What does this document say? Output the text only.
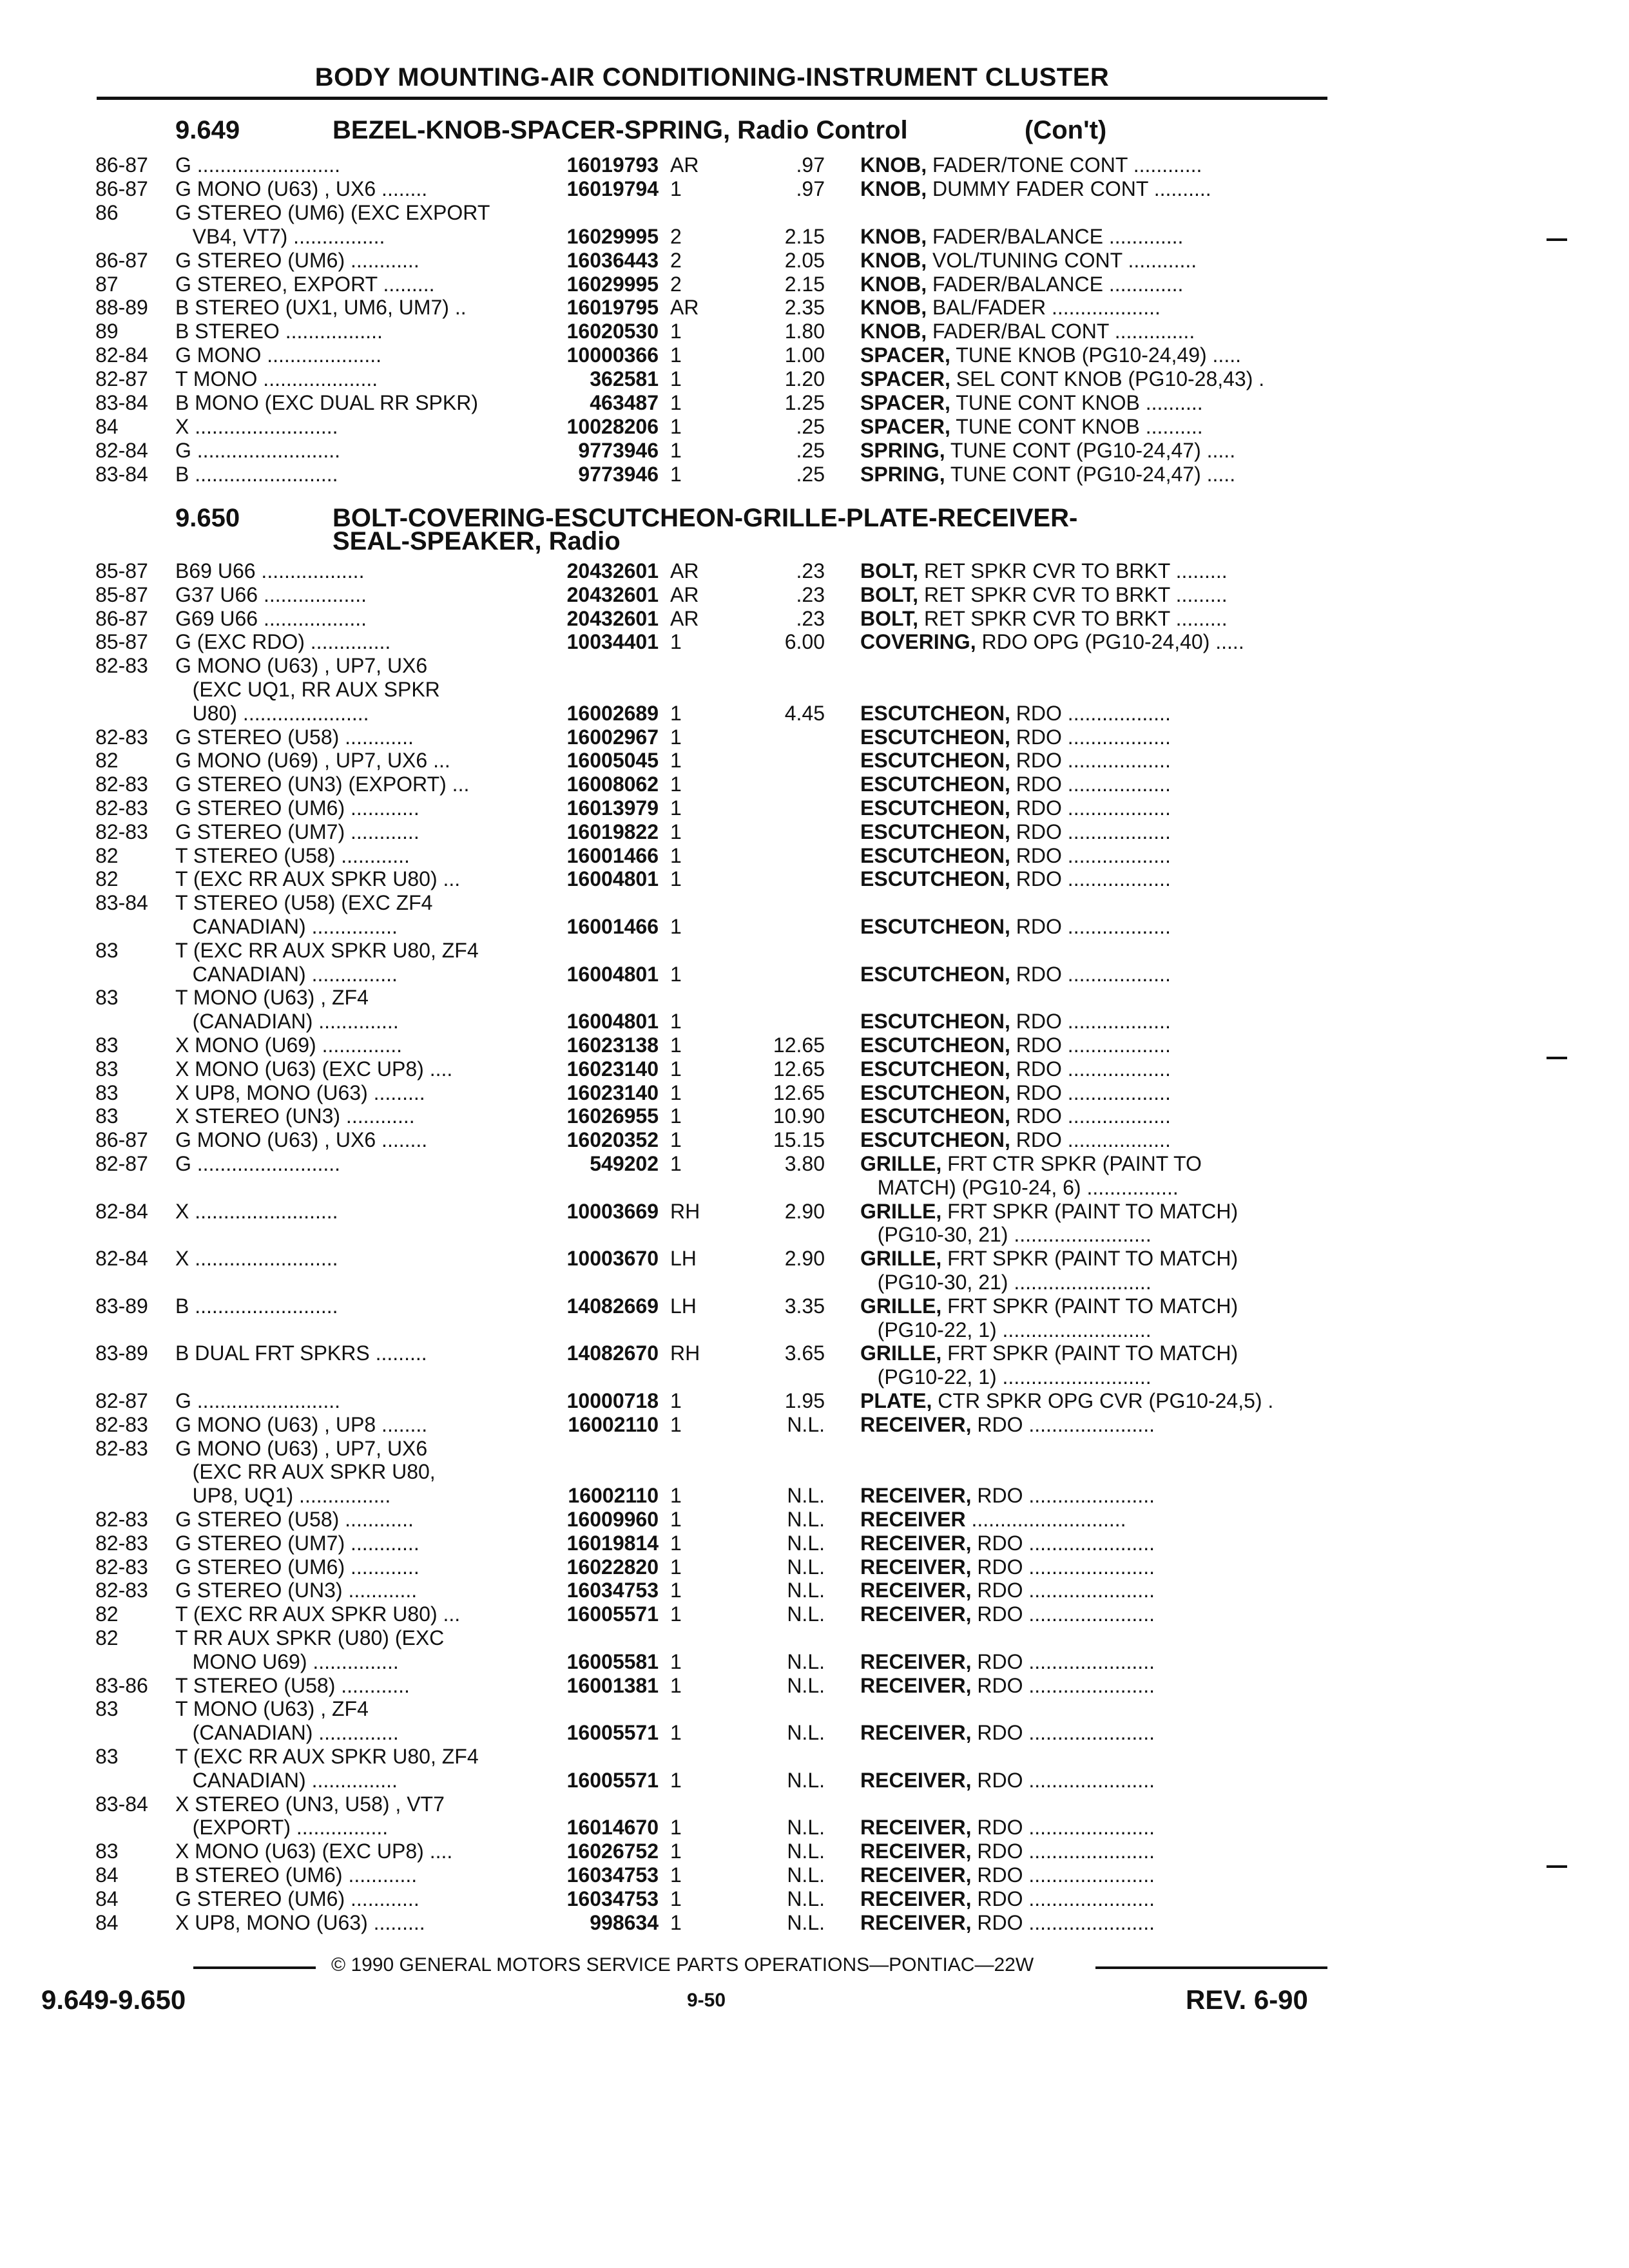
BODY MOUNTING-AIR CONDITIONING-INSTRUMENT CLUSTER
9.649	BEZEL-KNOB-SPACER-SPRING, Radio Control	(Con't)
86-87 G .........................	16019793 AR	.97 KNOB, FADER/TONE CONT ............
86-87 G MONO (U63) , UX6 ........	16019794 1	.97 KNOB, DUMMY FADER CONT ..........
86	G STEREO (UM6) (EXC EXPORT
VB4, VT7) ................	16029995 2	2.15 KNOB, FADER/BALANCE .............
86-87 G STEREO (UM6) ............	16036443 2	2.05 KNOB, VOL/TUNING CONT ............
87	G STEREO, EXPORT .........	16029995 2	2.15 KNOB, FADER/BALANCE .............
88-89 B STEREO (UX1, UM6, UM7) ..	16019795 AR	2.35 KNOB, BAL/FADER ...................
89	B STEREO .................	16020530 1	1.80 KNOB, FADER/BAL CONT ..............
82-84 G MONO ....................	10000366 1	1.00 SPACER, TUNE KNOB (PG10-24,49) .....
82-87 T MONO ....................	362581 1	1.20 SPACER, SEL CONT KNOB (PG10-28,43) .
83-84 B MONO (EXC DUAL RR SPKR)	463487 1	1.25 SPACER, TUNE CONT KNOB ..........
84	X .........................	10028206 1	.25 SPACER, TUNE CONT KNOB ..........
82-84 G .........................	9773946 1	.25 SPRING, TUNE CONT (PG10-24,47) .....
83-84 B .........................	9773946 1	.25 SPRING, TUNE CONT (PG10-24,47) .....
9.650	BOLT-COVERING-ESCUTCHEON-GRILLE-PLATE-RECEIVER-
SEAL-SPEAKER, Radio
85-87 B69 U66 ..................	20432601 AR	.23 BOLT, RET SPKR CVR TO BRKT .........
85-87 G37 U66 ..................	20432601 AR	.23 BOLT, RET SPKR CVR TO BRKT .........
86-87 G69 U66 ..................	20432601 AR	.23 BOLT, RET SPKR CVR TO BRKT .........
85-87 G (EXC RDO) ..............	10034401 1	6.00 COVERING, RDO OPG (PG10-24,40) .....
82-83 G MONO (U63) , UP7, UX6
(EXC UQ1, RR AUX SPKR
U80) ......................	16002689 1	4.45 ESCUTCHEON, RDO ..................
82-83 G STEREO (U58) ............	16002967 1	ESCUTCHEON, RDO ..................
82	G MONO (U69) , UP7, UX6 ...	16005045 1	ESCUTCHEON, RDO ..................
82-83 G STEREO (UN3) (EXPORT) ...	16008062 1	ESCUTCHEON, RDO ..................
82-83 G STEREO (UM6) ............	16013979 1	ESCUTCHEON, RDO ..................
82-83 G STEREO (UM7) ............	16019822 1	ESCUTCHEON, RDO ..................
82	T STEREO (U58) ............	16001466 1	ESCUTCHEON, RDO ..................
82	T (EXC RR AUX SPKR U80) ...	16004801 1	ESCUTCHEON, RDO ..................
83-84 T STEREO (U58) (EXC ZF4
CANADIAN) ...............	16001466 1	ESCUTCHEON, RDO ..................
83	T (EXC RR AUX SPKR U80, ZF4
CANADIAN) ...............	16004801 1	ESCUTCHEON, RDO ..................
83	T MONO (U63) , ZF4
(CANADIAN) ..............	16004801 1	ESCUTCHEON, RDO ..................
83	X MONO (U69) ..............	16023138 1	12.65 ESCUTCHEON, RDO ..................
83	X MONO (U63) (EXC UP8) ....	16023140 1	12.65 ESCUTCHEON, RDO ..................
83	X UP8, MONO (U63) .........	16023140 1	12.65 ESCUTCHEON, RDO ..................
83	X STEREO (UN3) ............	16026955 1	10.90 ESCUTCHEON, RDO ..................
86-87 G MONO (U63) , UX6 ........	16020352 1	15.15 ESCUTCHEON, RDO ..................
82-87 G .........................	549202 1	3.80 GRILLE, FRT CTR SPKR (PAINT TO
MATCH) (PG10-24, 6) ................
82-84 X .........................	10003669 RH	2.90 GRILLE, FRT SPKR (PAINT TO MATCH)
(PG10-30, 21) ........................
82-84 X .........................	10003670 LH	2.90 GRILLE, FRT SPKR (PAINT TO MATCH)
(PG10-30, 21) ........................
83-89 B .........................	14082669 LH	3.35 GRILLE, FRT SPKR (PAINT TO MATCH)
(PG10-22, 1) ..........................
83-89 B DUAL FRT SPKRS .........	14082670 RH	3.65 GRILLE, FRT SPKR (PAINT TO MATCH)
(PG10-22, 1) ..........................
82-87 G .........................	10000718 1	1.95 PLATE, CTR SPKR OPG CVR (PG10-24,5) .
82-83 G MONO (U63) , UP8 ........	16002110 1	N.L. RECEIVER, RDO ......................
82-83 G MONO (U63) , UP7, UX6
(EXC RR AUX SPKR U80,
UP8, UQ1) ................	16002110 1	N.L. RECEIVER, RDO ......................
82-83 G STEREO (U58) ............	16009960 1	N.L. RECEIVER ...........................
82-83 G STEREO (UM7) ............	16019814 1	N.L. RECEIVER, RDO ......................
82-83 G STEREO (UM6) ............	16022820 1	N.L. RECEIVER, RDO ......................
82-83 G STEREO (UN3) ............	16034753 1	N.L. RECEIVER, RDO ......................
82	T (EXC RR AUX SPKR U80) ...	16005571 1	N.L. RECEIVER, RDO ......................
82	T RR AUX SPKR (U80) (EXC
MONO U69) ...............	16005581 1	N.L. RECEIVER, RDO ......................
83-86 T STEREO (U58) ............	16001381 1	N.L. RECEIVER, RDO ......................
83	T MONO (U63) , ZF4
(CANADIAN) ..............	16005571 1	N.L. RECEIVER, RDO ......................
83	T (EXC RR AUX SPKR U80, ZF4
CANADIAN) ...............	16005571 1	N.L. RECEIVER, RDO ......................
83-84 X STEREO (UN3, U58) , VT7
(EXPORT) ................	16014670 1	N.L. RECEIVER, RDO ......................
83	X MONO (U63) (EXC UP8) ....	16026752 1	N.L. RECEIVER, RDO ......................
84	B STEREO (UM6) ............	16034753 1	N.L. RECEIVER, RDO ......................
84	G STEREO (UM6) ............	16034753 1	N.L. RECEIVER, RDO ......................
84	X UP8, MONO (U63) .........	998634 1	N.L. RECEIVER, RDO ......................
© 1990 GENERAL MOTORS SERVICE PARTS OPERATIONS—PONTIAC—22W
9.649-9.650	9-50	REV. 6-90
